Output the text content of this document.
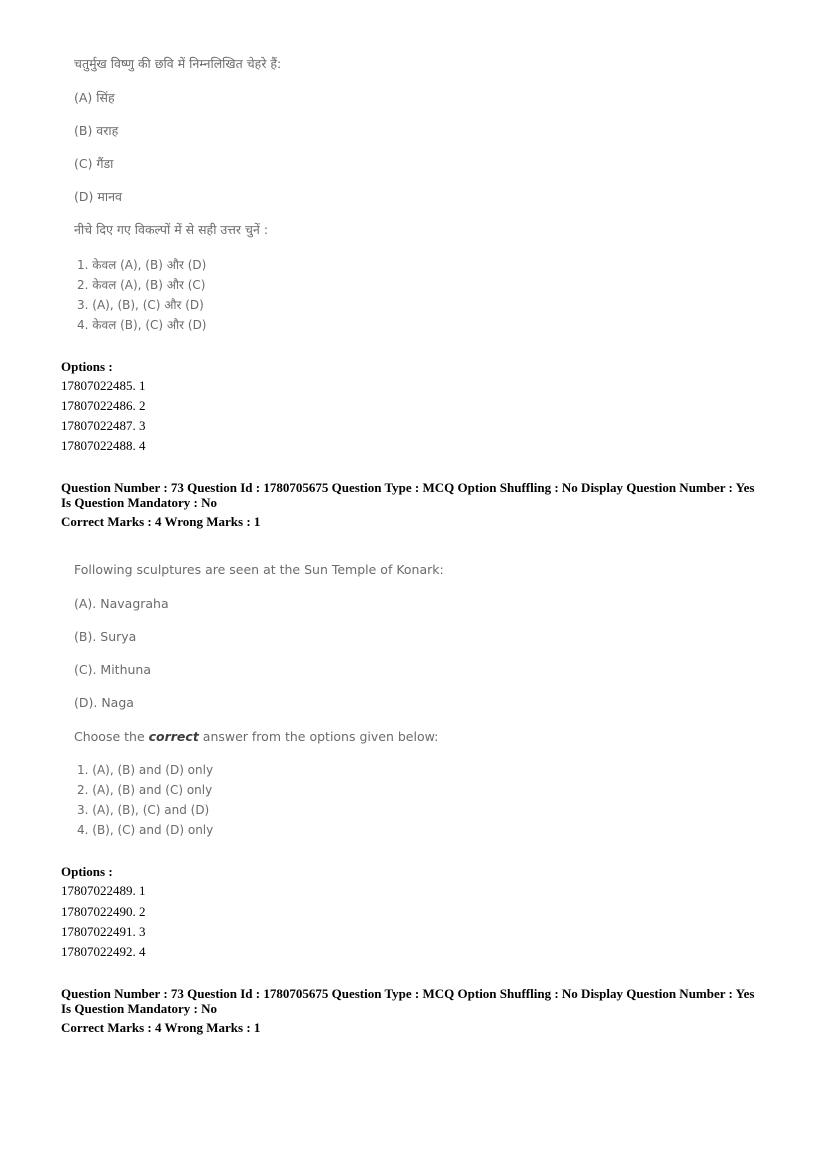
चतुर्मुख विष्णु की छवि में निम्नलिखित चेहरे हैं:
(A) सिंह
(B) वराह
(C) गैंडा
(D) मानव
नीचे दिए गए विकल्पों में से सही उत्तर चुनें :
1. केवल (A), (B) और (D)
2. केवल (A), (B) और (C)
3. (A), (B), (C) और (D)
4. केवल (B), (C) और (D)
Options :
17807022485. 1
17807022486. 2
17807022487. 3
17807022488. 4
Question Number : 73 Question Id : 1780705675 Question Type : MCQ Option Shuffling : No Display Question Number : Yes
Is Question Mandatory : No
Correct Marks : 4 Wrong Marks : 1
Following sculptures are seen at the Sun Temple of Konark:
(A). Navagraha
(B). Surya
(C). Mithuna
(D). Naga
Choose the correct answer from the options given below:
1. (A), (B) and (D) only
2. (A), (B) and (C) only
3. (A), (B), (C) and (D)
4. (B), (C) and (D) only
Options :
17807022489. 1
17807022490. 2
17807022491. 3
17807022492. 4
Question Number : 73 Question Id : 1780705675 Question Type : MCQ Option Shuffling : No Display Question Number : Yes
Is Question Mandatory : No
Correct Marks : 4 Wrong Marks : 1
